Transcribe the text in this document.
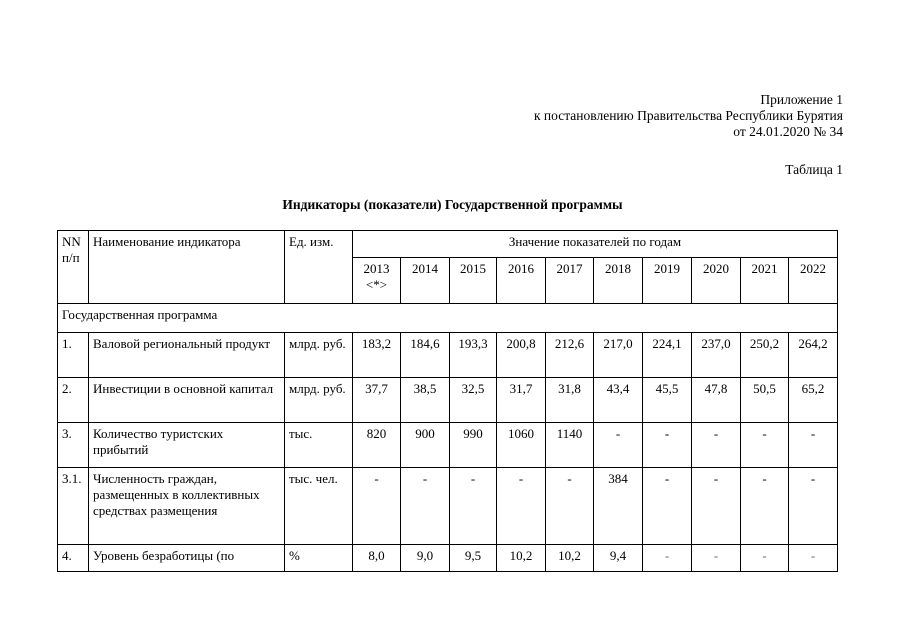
Приложение 1
к постановлению Правительства Республики Бурятия
от 24.01.2020 № 34
Таблица 1
Индикаторы (показатели) Государственной программы
NN п/п	Наименование индикатора	Ед. изм.	Значение показателей по годам									
			2013 <*>	2014	2015	2016	2017	2018	2019	2020	2021	2022
Государственная программа												
1.	Валовой региональный продукт	млрд. руб.	183,2	184,6	193,3	200,8	212,6	217,0	224,1	237,0	250,2	264,2
2.	Инвестиции в основной капитал	млрд. руб.	37,7	38,5	32,5	31,7	31,8	43,4	45,5	47,8	50,5	65,2
3.	Количество туристских прибытий	тыс.	820	900	990	1060	1140	-	-	-	-	-
3.1.	Численность граждан, размещенных в коллективных средствах размещения	тыс. чел.	-	-	-	-	-	384	-	-	-	-
4.	Уровень безработицы (по	%	8,0	9,0	9,5	10,2	10,2	9,4	-	-	-	-
